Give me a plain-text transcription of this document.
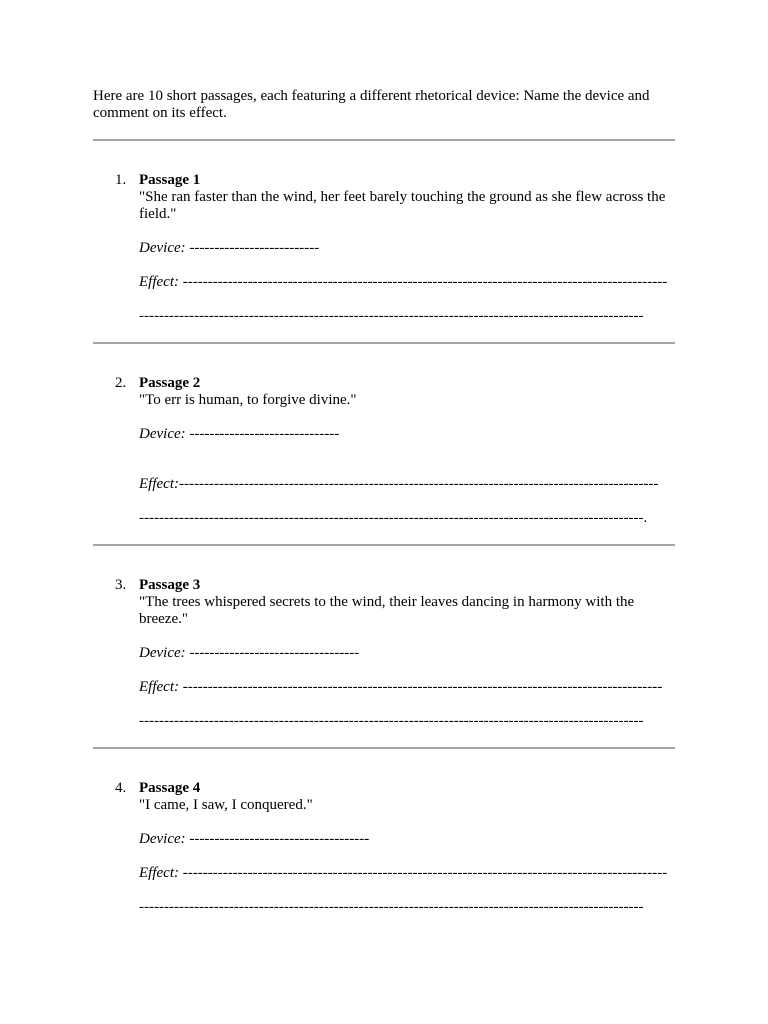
Here are 10 short passages, each featuring a different rhetorical device: Name the device and comment on its effect.

1. Passage 1
"She ran faster than the wind, her feet barely touching the ground as she flew across the field."
Device: --------------------------
Effect: -------------------------------------------------------------------------------------------------
-----------------------------------------------------------------------------------------------------
2. Passage 2
"To err is human, to forgive divine."
Device: ------------------------------
Effect:------------------------------------------------------------------------------------------------
-----------------------------------------------------------------------------------------------------.
3. Passage 3
"The trees whispered secrets to the wind, their leaves dancing in harmony with the breeze."
Device: ----------------------------------
Effect: ------------------------------------------------------------------------------------------------
-----------------------------------------------------------------------------------------------------
4. Passage 4
"I came, I saw, I conquered."
Device: ------------------------------------
Effect: -------------------------------------------------------------------------------------------------
-----------------------------------------------------------------------------------------------------
